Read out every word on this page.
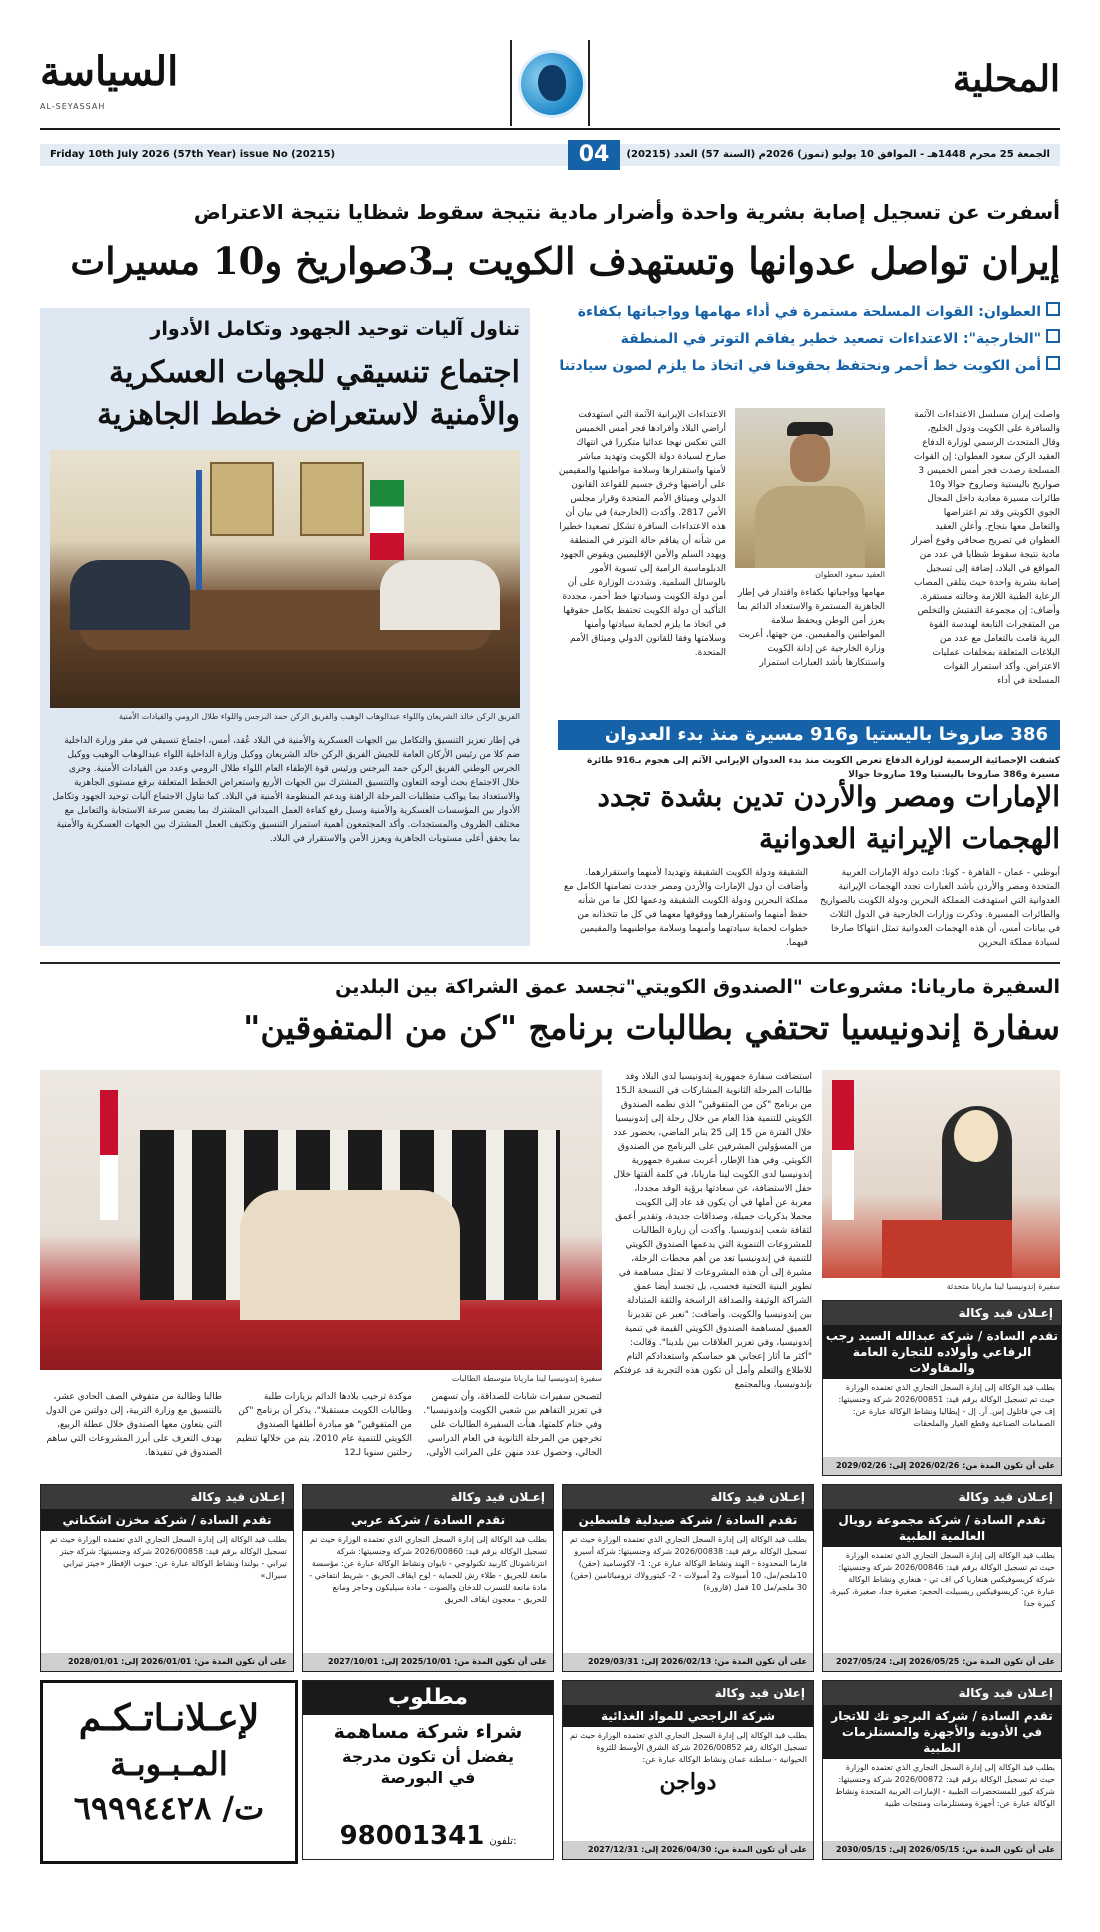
السياسة
AL-SEYASSAH
المحلية
Friday 10th July 2026 (57th Year) issue No (20215)	04	الجمعة 25 محرم 1448هـ - الموافق 10 يوليو (تموز) 2026م (السنة 57) العدد (20215)
أسفرت عن تسجيل إصابة بشرية واحدة وأضرار مادية نتيجة سقوط شظايا نتيجة الاعتراض
إيران تواصل عدوانها وتستهدف الكويت بـ3صواريخ و10 مسيرات
العطوان: القوات المسلحة مستمرة في أداء مهامها وواجباتها بكفاءة
"الخارجية": الاعتداءات تصعيد خطير يفاقم التوتر في المنطقة
أمن الكويت خط أحمر ونحتفظ بحقوقنا في اتخاذ ما يلزم لصون سيادتنا
واصلت إيران مسلسل الاعتداءات الآثمة والسافرة على الكويت ودول الخليج، وقال المتحدث الرسمي لوزارة الدفاع العقيد الركن سعود العطوان: إن القوات المسلحة رصدت فجر أمس الخميس 3 صواريخ باليستية وصاروخ جوالا و10 طائرات مسيرة معادية داخل المجال الجوي الكويتي وقد تم اعتراضها والتعامل معها بنجاح. وأعلن العقيد العطوان في تصريح صحافي وقوع أضرار مادية نتيجة سقوط شظايا في عدد من المواقع في البلاد، إضافة إلى تسجيل إصابة بشرية واحدة حيث يتلقى المصاب الرعاية الطبية اللازمة وحالته مستقرة. وأضاف: إن مجموعة التفتيش والتخلص من المتفجرات التابعة لهندسة القوة البرية قامت بالتعامل مع عدد من البلاغات المتعلقة بمخلفات عمليات الاعتراض. وأكد استمرار القوات المسلحة في أداء
العقيد سعود العطوان
مهامها وواجباتها بكفاءة واقتدار في إطار الجاهزية المستمرة والاستعداد الدائم بما يعزز أمن الوطن ويحفظ سلامة المواطنين والمقيمين. من جهتها، أعربت وزارة الخارجية عن إدانة الكويت واستنكارها بأشد العبارات استمرار
الاعتداءات الإيرانية الآثمة التي استهدفت أراضي البلاد وأفرادها فجر أمس الخميس التي تعكس نهجا عدائيا متكررا في انتهاك صارخ لسيادة دولة الكويت وتهديد مباشر لأمنها واستقرارها وسلامة مواطنيها والمقيمين على أراضيها وخرق جسيم للقواعد القانون الدولي وميثاق الأمم المتحدة وقرار مجلس الأمن 2817. وأكدت (الخارجية) في بيان أن هذه الاعتداءات السافرة تشكل تصعيدا خطيرا من شأنه أن يفاقم حالة التوتر في المنطقة ويهدد السلم والأمن الإقليميين ويقوض الجهود الدبلوماسية الرامية إلى تسوية الأمور بالوسائل السلمية. وشددت الوزارة على أن أمن دولة الكويت وسيادتها خط أحمر، مجددة التأكيد أن دولة الكويت تحتفظ بكامل حقوقها في اتخاذ ما يلزم لحماية سيادتها وأمنها وسلامتها وفقا للقانون الدولي وميثاق الأمم المتحدة.
تناول آليات توحيد الجهود وتكامل الأدوار
اجتماع تنسيقي للجهات العسكرية والأمنية لاستعراض خطط الجاهزية
الفريق الركن خالد الشريعان واللواء عبدالوهاب الوهيب والفريق الركن حمد البرجس واللواء طلال الرومي والقيادات الأمنية
في إطار تعزيز التنسيق والتكامل بين الجهات العسكرية والأمنية في البلاد عُقد، أمس، اجتماع تنسيقي في مقر وزارة الداخلية ضم كلا من رئيس الأركان العامة للجيش الفريق الركن خالد الشريعان ووكيل وزارة الداخلية اللواء عبدالوهاب الوهيب ووكيل الحرس الوطني الفريق الركن حمد البرجس ورئيس قوة الإطفاء العام اللواء طلال الرومي وعدد من القيادات الأمنية. وجرى خلال الاجتماع بحث أوجه التعاون والتنسيق المشترك بين الجهات الأربع واستعراض الخطط المتعلقة برفع مستوى الجاهزية والاستعداد بما يواكب متطلبات المرحلة الراهنة ويدعم المنظومة الأمنية في البلاد. كما تناول الاجتماع آليات توحيد الجهود وتكامل الأدوار بين المؤسسات العسكرية والأمنية وسبل رفع كفاءة العمل الميداني المشترك بما يضمن سرعة الاستجابة والتعامل مع مختلف الظروف والمستجدات. وأكد المجتمعون أهمية استمرار التنسيق وتكثيف العمل المشترك بين الجهات العسكرية والأمنية بما يحقق أعلى مستويات الجاهزية ويعزز الأمن والاستقرار في البلاد.
386 صاروخا باليستيا و916 مسيرة منذ بدء العدوان
كشفت الإحصائية الرسمية لوزارة الدفاع تعرض الكويت منذ بدء العدوان الإيراني الآثم إلى هجوم بـ916 طائرة مسيرة و386 صاروخا باليستيا و19 صاروخا جوالا
الإمارات ومصر والأردن تدين بشدة تجدد الهجمات الإيرانية العدوانية
أبوظبي - عمان - القاهرة - كونا: دانت دولة الإمارات العربية المتحدة ومصر والأردن بأشد العبارات تجدد الهجمات الإيرانية العدوانية التي استهدفت المملكة البحرين ودولة الكويت بالصواريخ والطائرات المسيرة. وذكرت وزارات الخارجية في الدول الثلاث في بيانات أمس، أن هذه الهجمات العدوانية تمثل انتهاكا صارخا لسيادة مملكة البحرين
الشقيقة ودولة الكويت الشقيقة وتهديدا لأمنهما واستقرارهما. وأضافت أن دول الإمارات والأردن ومصر جددت تضامنها الكامل مع مملكة البحرين ودولة الكويت الشقيقة ودعمها لكل ما من شأنه حفظ أمنهما واستقرارهما ووقوفها معهما في كل ما تتخذانه من خطوات لحماية سيادتهما وأمنهما وسلامة مواطنيهما والمقيمين فيهما.
السفيرة ماريانا: مشروعات "الصندوق الكويتي"تجسد عمق الشراكة بين البلدين
سفارة إندونيسيا تحتفي بطالبات برنامج "كن من المتفوقين"
سفيرة إندونيسيا لينا ماريانا متحدثة
استضافت سفارة جمهورية إندونيسيا لدى البلاد وفد طالبات المرحلة الثانوية المشاركات في النسخة الـ15 من برنامج "كن من المتفوقين" الذي نظمه الصندوق الكويتي للتنمية هذا العام من خلال رحلة إلى إندونيسيا خلال الفترة من 15 إلى 25 يناير الماضي، بحضور عدد من المسؤولين المشرفين على البرنامج من الصندوق الكويتي. وفي هذا الإطار، أعربت سفيرة جمهورية إندونيسيا لدى الكويت لينا ماريانا، في كلمة ألقتها خلال حفل الاستضافة، عن سعادتها برؤية الوفد مجددا، معربة عن أملها في أن يكون قد عاد إلى الكويت محملا بذكريات جميلة، وصداقات جديدة، وتقدير أعمق لثقافة شعب إندونيسيا. وأكدت أن زيارة الطالبات للمشروعات التنموية التي يدعمها الصندوق الكويتي للتنمية في إندونيسيا تعد من أهم محطات الرحلة، مشيرة إلى أن هذه المشروعات لا تمثل مساهمة في تطوير البنية التحتية فحسب، بل تجسد أيضا عمق الشراكة الوثيقة والصداقة الراسخة والثقة المتبادلة بين إندونيسيا والكويت. وأضافت: "نعبر عن تقديرنا العميق لمساهمة الصندوق الكويتي القيمة في تنمية إندونيسيا، وفي تعزيز العلاقات بين بلدينا". وقالت: "أكثر ما أثار إعجابي هو حماسكم واستعدادكم التام للاطلاع والتعلم وأمل أن تكون هذه التجربة قد عرفتكم بإندونيسيا، وبالمجتمع
سفيرة إندونيسيا لينا ماريانا متوسطة الطالبات
لتصبحن سفيرات شابات للصداقة، وأن تسهمن في تعزيز التفاهم بين شعبي الكويت وإندونيسيا". وفي ختام كلمتها، هنأت السفيرة الطالبات على تخرجهن من المرحلة الثانوية في العام الدراسي الحالي، وحصول عدد منهن على المراتب الأولى،
موكدة ترحيب بلادها الدائم بزيارات طلبة وطالبات الكويت مستقبلا". يذكر أن برنامج "كن من المتفوقين" هو مبادرة أطلقها الصندوق الكويتي للتنمية عام 2010، يتم من خلالها تنظيم رحلتين سنويا لـ12
طالبا وطالبة من متفوقي الصف الحادي عشر، بالتنسيق مع وزارة التربية، إلى دولتين من الدول التي يتعاون معها الصندوق خلال عطلة الربيع، بهدف التعرف على أبرز المشروعات التي ساهم الصندوق في تنفيذها.
إعـلان قيد وكالة
تقدم السادة / شركة عبدالله السيد رجب الرفاعي وأولاده للتجارة العامة والمقاولات
بطلب قيد الوكالة إلى إدارة السجل التجاري الذي تعتمده الوزارة حيث تم تسجيل الوكالة برقم قيد: 2026/00851 شركة وجنسيتها: إف جي فاتلول إس. آر. إل - إيطاليا ونشاط الوكالة عبارة عن: الصمامات الصناعية وقطع الغيار والملحقات
على أن تكون المدة من: 2026/02/26 إلى: 2029/02/26
إعـلان قيد وكالة
تقدم السادة / شركة مجموعة رويال العالمية الطبية
بطلب قيد الوكالة إلى إدارة السجل التجاري الذي تعتمده الوزارة حيث تم تسجيل الوكالة برقم قيد: 2026/00846 شركة وجنسيتها: شركة كريسوفيكس هنغاريا كي اف تي - هنغاري ونشاط الوكالة عبارة عن: كريسوفيكس ريسبيلت الحجم: صغيرة جدا، صغيرة، كبيرة، كبيرة جدا
على أن تكون المدة من: 2026/05/25 إلى: 2027/05/24
إعـلان قيد وكالة
تقدم السادة / شركة صيدلية فلسطين
بطلب قيد الوكالة إلى إدارة السجل التجاري الذي تعتمده الوزارة حيث تم تسجيل الوكالة برقم قيد: 2026/00838 شركة وجنسيتها: شركة أسيرو فارما المحدودة - الهند ونشاط الوكالة عبارة عن: 1- لاكوساميد (حقن) 10ملجم/مل، 10 أمبولات و2 أمبولات - 2- كيتورولاك ترومياثامين (حقن) 30 ملجم/مل 10 قمل (قارورة)
على أن تكون المدة من: 2026/02/13 إلى: 2029/03/31
إعـلان قيد وكالة
تقدم السادة / شركة عربي
بطلب قيد الوكالة إلى إدارة السجل التجاري الذي تعتمده الوزارة حيث تم تسجيل الوكالة برقم قيد: 2026/00860 شركة وجنسيتها: شركة انترناشونال كاربيد تكنولوجي - تايوان ونشاط الوكالة عبارة عن: مؤسسة مانعة للحريق - طلاء رش للحماية - لوح ايقاف الحريق - شريط انتفاخي - مادة مانعة للتسرب للدخان والصوت - مادة سيليكون وحاجز ومانع للحريق - معجون ايقاف الحريق
على أن تكون المدة من: 2025/10/01 إلى: 2027/10/01
إعـلان قيد وكالة
تقدم السادة / شركة مخزن اشكناني
بطلب قيد الوكالة إلى إدارة السجل التجاري الذي تعتمده الوزارة حيث تم تسجيل الوكالة برقم قيد: 2026/00858 شركة وجنسيتها: شركة جيتز تيرابي - بولندا ونشاط الوكالة عبارة عن: حبوب الإفطار «جيتز تيرابي سيرال»
على أن تكون المدة من: 2026/01/01 إلى: 2028/01/01
إعـلان قيد وكالة
تقدم السادة / شركة البرجو تك للاتجار في الأدوية والأجهزة والمستلزمات الطبية
بطلب قيد الوكالة إلى إدارة السجل التجاري الذي تعتمده الوزارة حيث تم تسجيل الوكالة برقم قيد: 2026/00872 شركة وجنسيتها: شركة كيور للمستحضرات الطبية - الإمارات العربية المتحدة ونشاط الوكالة عبارة عن: أجهزة ومستلزمات ومنتجات طبية
على أن تكون المدة من: 2026/05/15 إلى: 2030/05/15
إعلان قيد وكالة
شركة الراجحي للمواد الغذائية
بطلب قيد الوكالة إلى إدارة السجل التجاري الذي تعتمده الوزارة حيث تم تسجيل الوكالة رقم 2026/00852 شركة الشرق الأوسط للثروة الحيوانية - سلطنة عمان ونشاط الوكالة عبارة عن:
دواجن
على أن تكون المدة من: 2026/04/30 إلى: 2027/12/31
مطلوب
شراء شركة مساهمة
يفضل أن تكون مدرجة
في البورصة
98001341 تلفون:
لإعـلانـاتـكـم
المـبـوبـة
ت/ ٦٩٩٩٤٤٢٨
